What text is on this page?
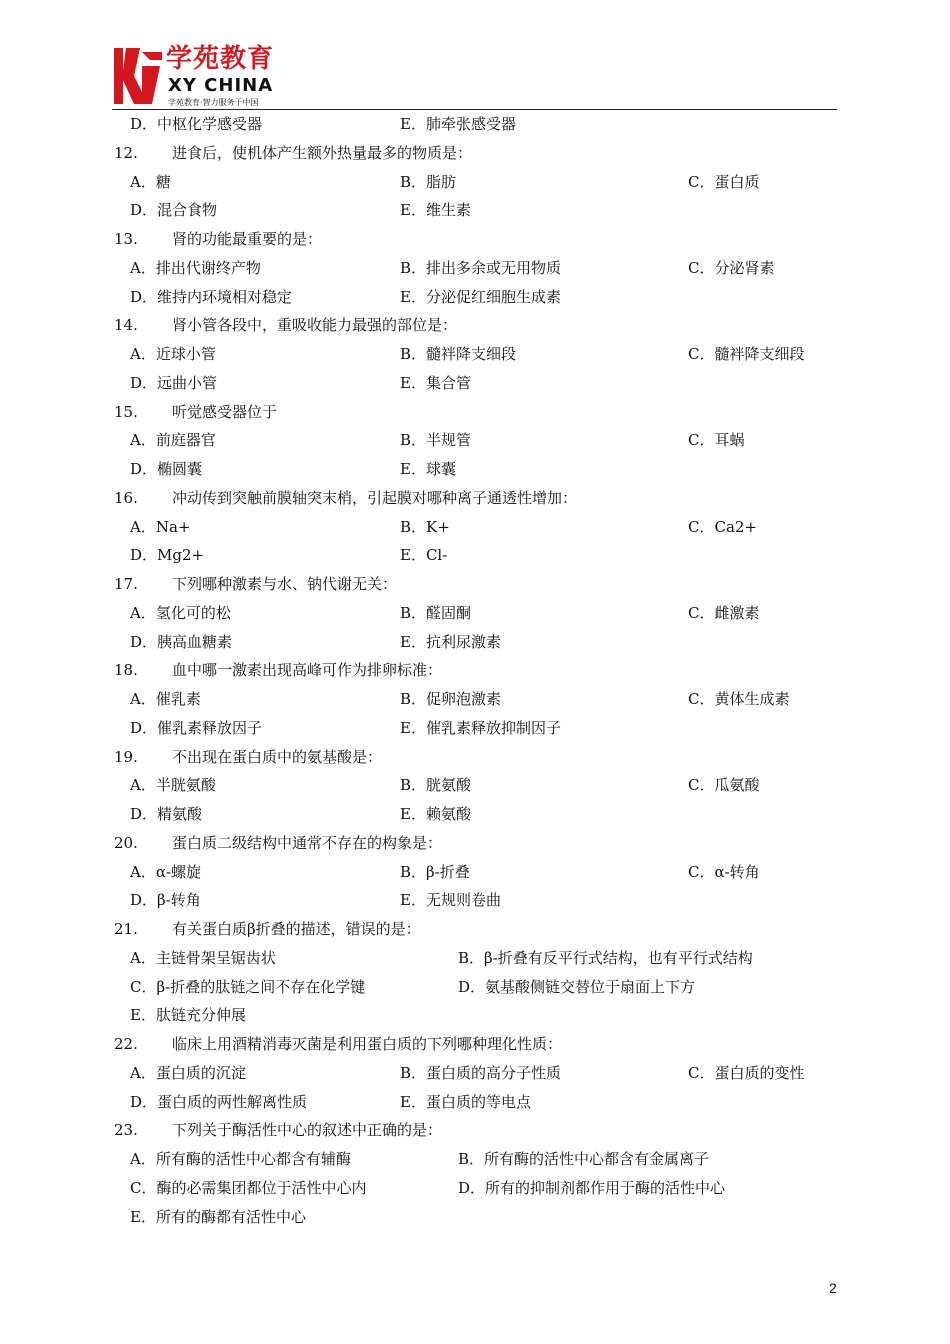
学苑教育
XY CHINA
学苑教育·智力服务于中国
D．中枢化学感受器	E．肺牵张感受器
12. 进食后，使机体产生额外热量最多的物质是：
A．糖	B．脂肪	C．蛋白质
D．混合食物	E．维生素
13. 肾的功能最重要的是：
A．排出代谢终产物	B．排出多余或无用物质	C．分泌肾素
D．维持内环境相对稳定	E．分泌促红细胞生成素
14. 肾小管各段中，重吸收能力最强的部位是：
A．近球小管	B．髓袢降支细段	C．髓袢降支细段
D．远曲小管	E．集合管
15. 听觉感受器位于
A．前庭器官	B．半规管	C．耳蜗
D．椭圆囊	E．球囊
16. 冲动传到突触前膜轴突末梢，引起膜对哪种离子通透性增加：
A．Na+	B．K+	C．Ca2+
D．Mg2+	E．Cl-
17. 下列哪种激素与水、钠代谢无关：
A．氢化可的松	B．醛固酮	C．雌激素
D．胰高血糖素	E．抗利尿激素
18. 血中哪一激素出现高峰可作为排卵标准：
A．催乳素	B．促卵泡激素	C．黄体生成素
D．催乳素释放因子	E．催乳素释放抑制因子
19. 不出现在蛋白质中的氨基酸是：
A．半胱氨酸	B．胱氨酸	C．瓜氨酸
D．精氨酸	E．赖氨酸
20. 蛋白质二级结构中通常不存在的构象是：
A．α-螺旋	B．β-折叠	C．α-转角
D．β-转角	E．无规则卷曲
21. 有关蛋白质β折叠的描述，错误的是：
A．主链骨架呈锯齿状	B．β-折叠有反平行式结构，也有平行式结构
C．β-折叠的肽链之间不存在化学键	D．氨基酸侧链交替位于扇面上下方
E．肽链充分伸展
22. 临床上用酒精消毒灭菌是利用蛋白质的下列哪种理化性质：
A．蛋白质的沉淀	B．蛋白质的高分子性质	C．蛋白质的变性
D．蛋白质的两性解离性质	E．蛋白质的等电点
23. 下列关于酶活性中心的叙述中正确的是：
A．所有酶的活性中心都含有辅酶	B．所有酶的活性中心都含有金属离子
C．酶的必需集团都位于活性中心内	D．所有的抑制剂都作用于酶的活性中心
E．所有的酶都有活性中心
2
